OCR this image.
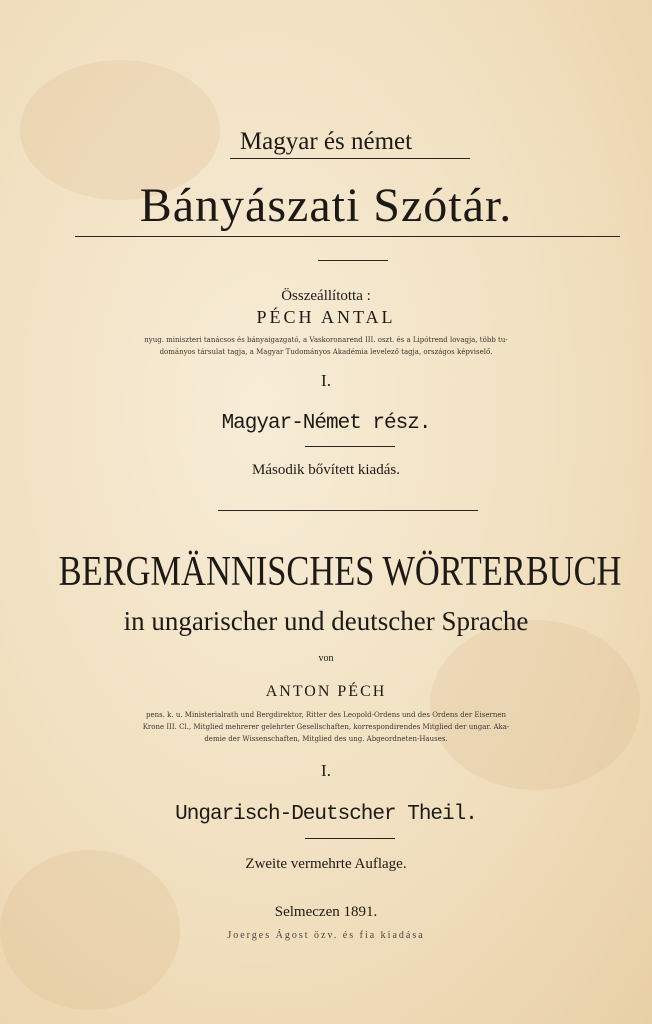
Magyar és német
Bányászati Szótár.
Összeállította :
PÉCH ANTAL
nyug. miniszteri tanácsos és bányaigazgató, a Vaskoronarend III. oszt. és a Lipótrend lovagja, több tu-
dományos társulat tagja, a Magyar Tudományos Akadémia levelező tagja, országos képviselő.
I.
Magyar-Német rész.
Második bővített kiadás.
BERGMÄNNISCHES WÖRTERBUCH
in ungarischer und deutscher Sprache
von
ANTON PÉCH
pens. k. u. Ministerialrath und Bergdirektor, Ritter des Leopold-Ordens und des Ordens der Eisernen
Krone III. Cl., Mitglied mehrerer gelehrter Gesellschaften, korrespondirendes Mitglied der ungar. Aka-
demie der Wissenschaften, Mitglied des ung. Abgeordneten-Hauses.
I.
Ungarisch-Deutscher Theil.
Zweite vermehrte Auflage.
Selmeczen 1891.
Joerges Ágost özv. és fia kiadása
